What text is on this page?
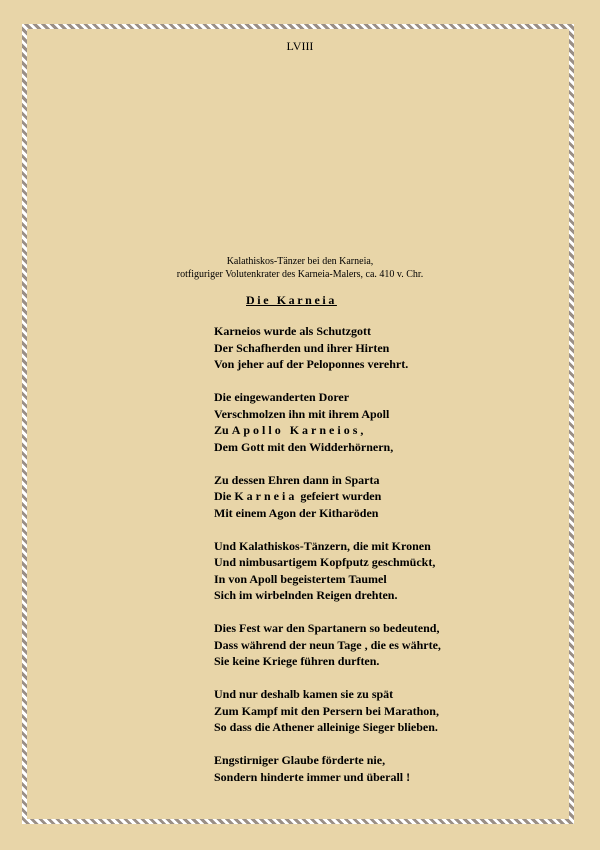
LVIII
Kalathiskos-Tänzer bei den Karneia,
rotfiguriger Volutenkrater des Karneia-Malers, ca. 410 v. Chr.
Die Karneia
Karneios wurde als Schutzgott
Der Schafherden und ihrer Hirten
Von jeher auf der Peloponnes verehrt.
Die eingewanderten Dorer
Verschmolzen ihn mit ihrem Apoll
Zu Apollo Karneios,
Dem Gott mit den Widderhörnern,
Zu dessen Ehren dann in Sparta
Die Karneia gefeiert wurden
Mit einem Agon der Kitharöden
Und Kalathiskos-Tänzern, die mit Kronen
Und nimbusartigem Kopfputz geschmückt,
In von Apoll begeistertem Taumel
Sich im wirbelnden Reigen drehten.
Dies Fest war den Spartanern so bedeutend,
Dass während der neun Tage , die es währte,
Sie keine Kriege führen durften.
Und nur deshalb kamen sie zu spät
Zum Kampf mit den Persern bei Marathon,
So dass die Athener alleinige Sieger blieben.
Engstirniger Glaube förderte nie,
Sondern hinderte immer und überall !
